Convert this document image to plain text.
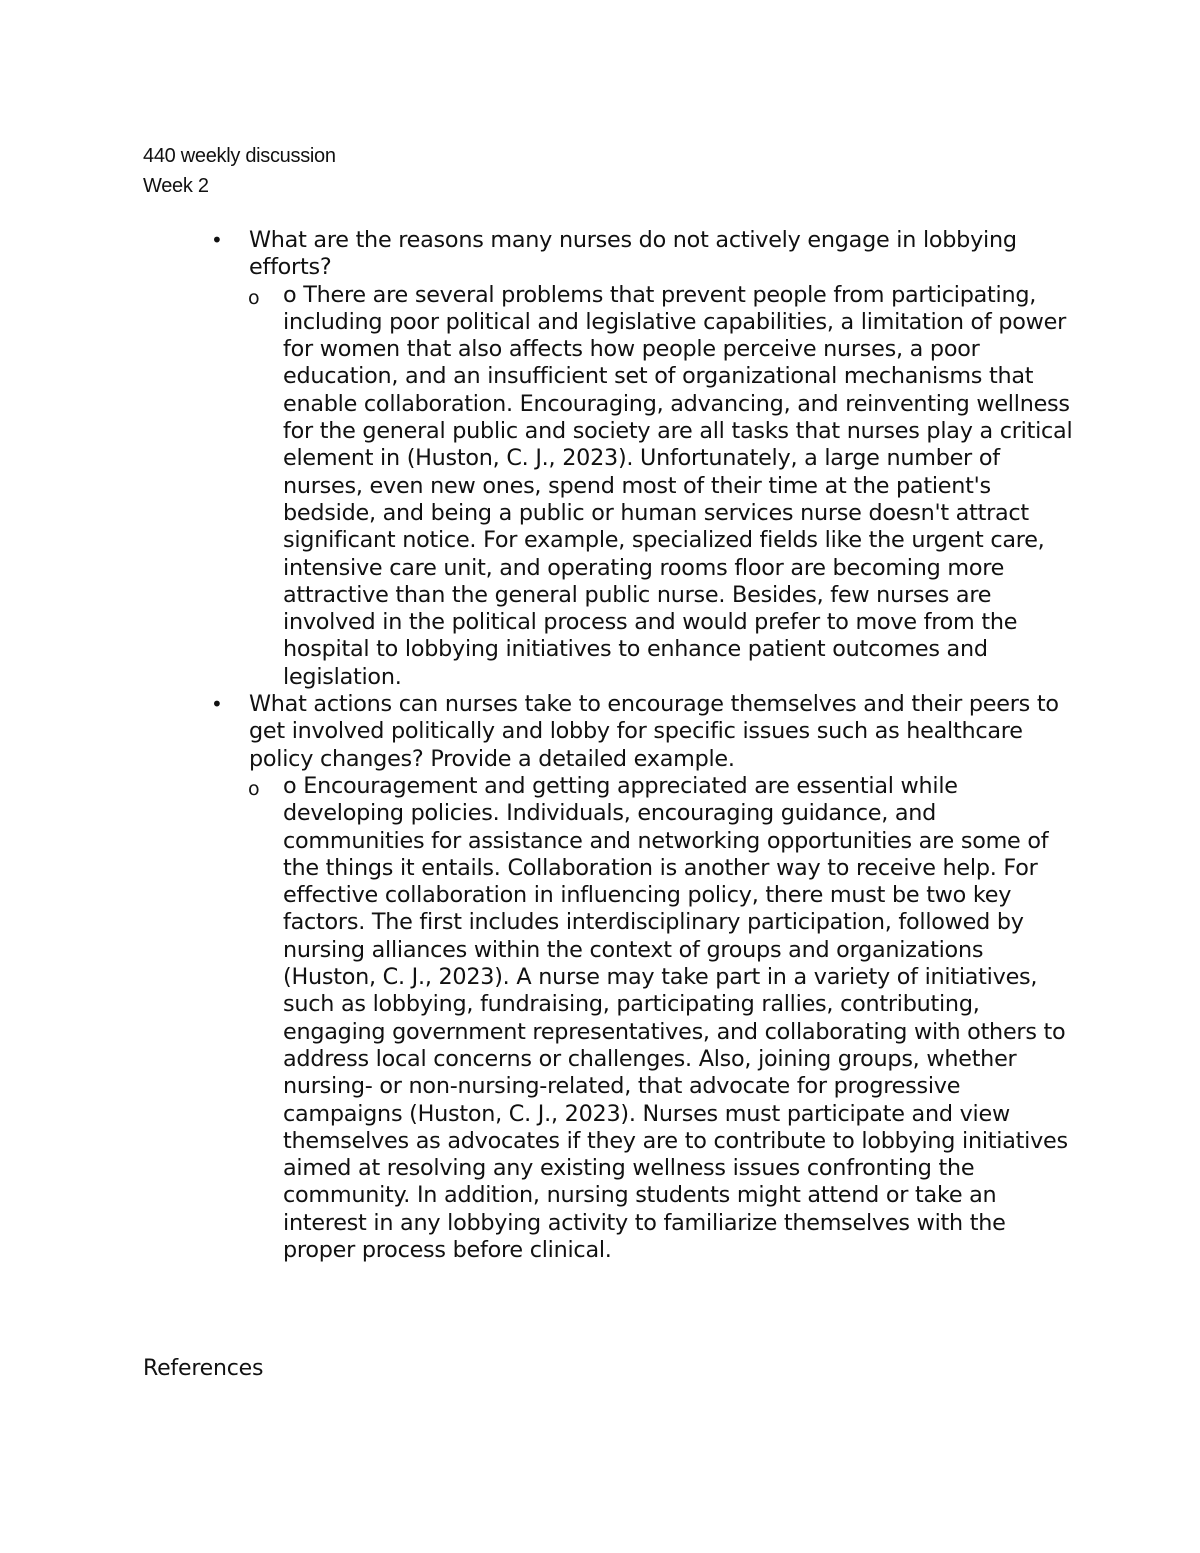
440 weekly discussion
Week 2
• What are the reasons many nurses do not actively engage in lobbying efforts?
o o There are several problems that prevent people from participating, including poor political and legislative capabilities, a limitation of power for women that also affects how people perceive nurses, a poor education, and an insufficient set of organizational mechanisms that enable collaboration. Encouraging, advancing, and reinventing wellness for the general public and society are all tasks that nurses play a critical element in (Huston, C. J., 2023). Unfortunately, a large number of nurses, even new ones, spend most of their time at the patient's bedside, and being a public or human services nurse doesn't attract significant notice. For example, specialized fields like the urgent care, intensive care unit, and operating rooms floor are becoming more attractive than the general public nurse. Besides, few nurses are involved in the political process and would prefer to move from the hospital to lobbying initiatives to enhance patient outcomes and legislation.
• What actions can nurses take to encourage themselves and their peers to get involved politically and lobby for specific issues such as healthcare policy changes? Provide a detailed example.
o o Encouragement and getting appreciated are essential while developing policies. Individuals, encouraging guidance, and communities for assistance and networking opportunities are some of the things it entails. Collaboration is another way to receive help. For effective collaboration in influencing policy, there must be two key factors. The first includes interdisciplinary participation, followed by nursing alliances within the context of groups and organizations (Huston, C. J., 2023). A nurse may take part in a variety of initiatives, such as lobbying, fundraising, participating rallies, contributing, engaging government representatives, and collaborating with others to address local concerns or challenges. Also, joining groups, whether nursing- or non-nursing-related, that advocate for progressive campaigns (Huston, C. J., 2023). Nurses must participate and view themselves as advocates if they are to contribute to lobbying initiatives aimed at resolving any existing wellness issues confronting the community. In addition, nursing students might attend or take an interest in any lobbying activity to familiarize themselves with the proper process before clinical.
References
